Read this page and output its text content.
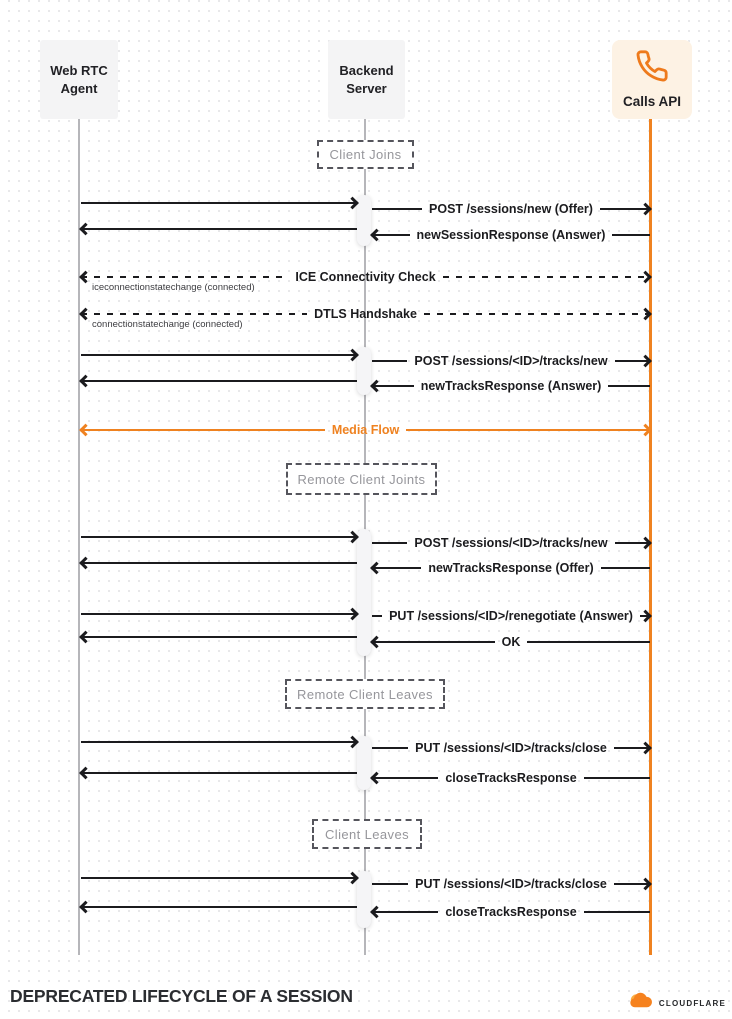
Web RTC Agent
Backend Server
Calls API
Client Joins
Remote Client Joints
Remote Client Leaves
Client Leaves
POST /sessions/new (Offer)
newSessionResponse (Answer)
ICE Connectivity Check
iceconnectionstatechange (connected)
DTLS Handshake
connectionstatechange (connected)
POST /sessions/<ID>/tracks/new
newTracksResponse (Answer)
Media Flow
POST /sessions/<ID>/tracks/new
newTracksResponse (Offer)
PUT /sessions/<ID>/renegotiate (Answer)
OK
PUT /sessions/<ID>/tracks/close
closeTracksResponse
PUT /sessions/<ID>/tracks/close
closeTracksResponse
DEPRECATED LIFECYCLE OF A SESSION	CLOUDFLARE
